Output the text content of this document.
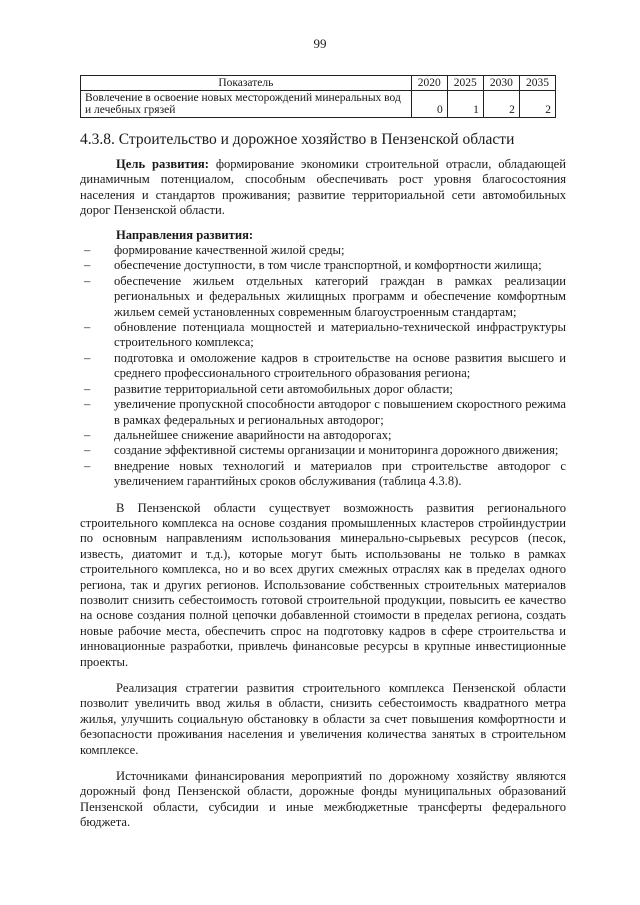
99
Показатель	2020	2025	2030	2035
Вовлечение в освоение новых месторождений минеральных вод и лечебных грязей	0	1	2	2
4.3.8. Строительство и дорожное хозяйство в Пензенской области

Цель развития: формирование экономики строительной отрасли, обладающей динамичным потенциалом, способным обеспечивать рост уровня благосостояния населения и стандартов проживания; развитие территориальной сети автомобильных дорог Пензенской области.

Направления развития:

– формирование качественной жилой среды;
– обеспечение доступности, в том числе транспортной, и комфортности жилища;
– обеспечение жильем отдельных категорий граждан в рамках реализации региональных и федеральных жилищных программ и обеспечение комфортным жильем семей установленных современным благоустроенным стандартам;
– обновление потенциала мощностей и материально-технической инфраструктуры строительного комплекса;
– подготовка и омоложение кадров в строительстве на основе развития высшего и среднего профессионального строительного образования региона;
– развитие территориальной сети автомобильных дорог области;
– увеличение пропускной способности автодорог с повышением скоростного режима в рамках федеральных и региональных автодорог;
– дальнейшее снижение аварийности на автодорогах;
– создание эффективной системы организации и мониторинга дорожного движения;
– внедрение новых технологий и материалов при строительстве автодорог с увеличением гарантийных сроков обслуживания (таблица 4.3.8).

В Пензенской области существует возможность развития регионального строительного комплекса на основе создания промышленных кластеров стройиндустрии по основным направлениям использования минерально-сырьевых ресурсов (песок, известь, диатомит и т.д.), которые могут быть использованы не только в рамках строительного комплекса, но и во всех других смежных отраслях как в пределах одного региона, так и других регионов. Использование собственных строительных материалов позволит снизить себестоимость готовой строительной продукции, повысить ее качество на основе создания полной цепочки добавленной стоимости в пределах региона, создать новые рабочие места, обеспечить спрос на подготовку кадров в сфере строительства и инновационные разработки, привлечь финансовые ресурсы в крупные инвестиционные проекты.

Реализация стратегии развития строительного комплекса Пензенской области позволит увеличить ввод жилья в области, снизить себестоимость квадратного метра жилья, улучшить социальную обстановку в области за счет повышения комфортности и безопасности проживания населения и увеличения количества занятых в строительном комплексе.

Источниками финансирования мероприятий по дорожному хозяйству являются дорожный фонд Пензенской области, дорожные фонды муниципальных образований Пензенской области, субсидии и иные межбюджетные трансферты федерального бюджета.
